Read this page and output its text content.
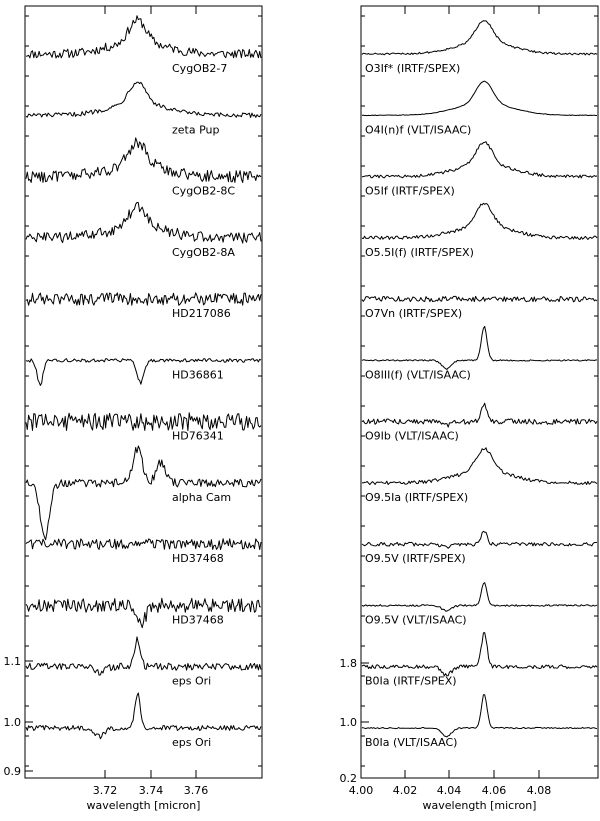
3.72 3.74 3.76
0.9
1.0
1.1
wavelength [micron]
CygOB2-7
zeta Pup
CygOB2-8C
CygOB2-8A
HD217086
HD36861
HD76341
alpha Cam
HD37468
HD37468
eps Ori
eps Ori
4.00 4.02 4.04 4.06 4.08
0.2
1.0
1.8
wavelength [micron]
O3If* (IRTF/SPEX)
O4I(n)f (VLT/ISAAC)
O5If (IRTF/SPEX)
O5.5I(f) (IRTF/SPEX)
O7Vn (IRTF/SPEX)
O8III(f) (VLT/ISAAC)
O9Ib (VLT/ISAAC)
O9.5Ia (IRTF/SPEX)
O9.5V (IRTF/SPEX)
O9.5V (VLT/ISAAC)
B0Ia (IRTF/SPEX)
B0Ia (VLT/ISAAC)
